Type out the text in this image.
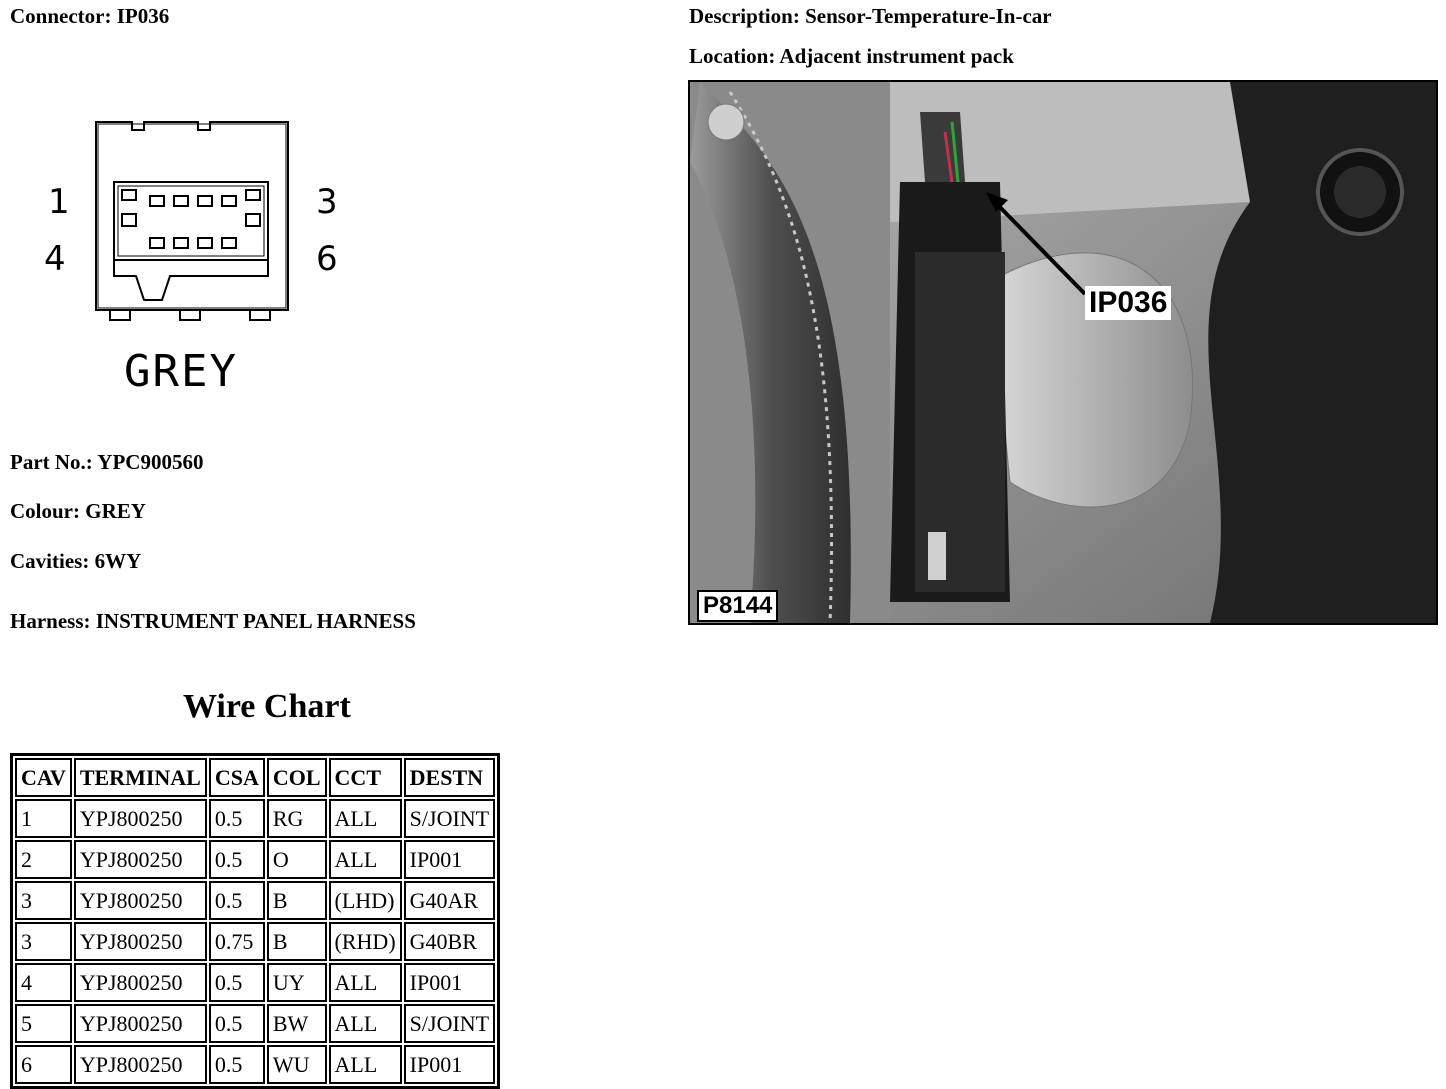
Connector: IP036	Description: Sensor-Temperature-In-car
Location: Adjacent instrument pack
1	3
4	6
GREY
Part No.: YPC900560
Colour: GREY
Cavities: 6WY
Harness: INSTRUMENT PANEL HARNESS
Wire Chart
CAV	TERMINAL	CSA	COL	CCT	DESTN
1	YPJ800250	0.5	RG	ALL	S/JOINT
2	YPJ800250	0.5	O	ALL	IP001
3	YPJ800250	0.5	B	(LHD)	G40AR
3	YPJ800250	0.75	B	(RHD)	G40BR
4	YPJ800250	0.5	UY	ALL	IP001
5	YPJ800250	0.5	BW	ALL	S/JOINT
6	YPJ800250	0.5	WU	ALL	IP001
IP036
P8144
